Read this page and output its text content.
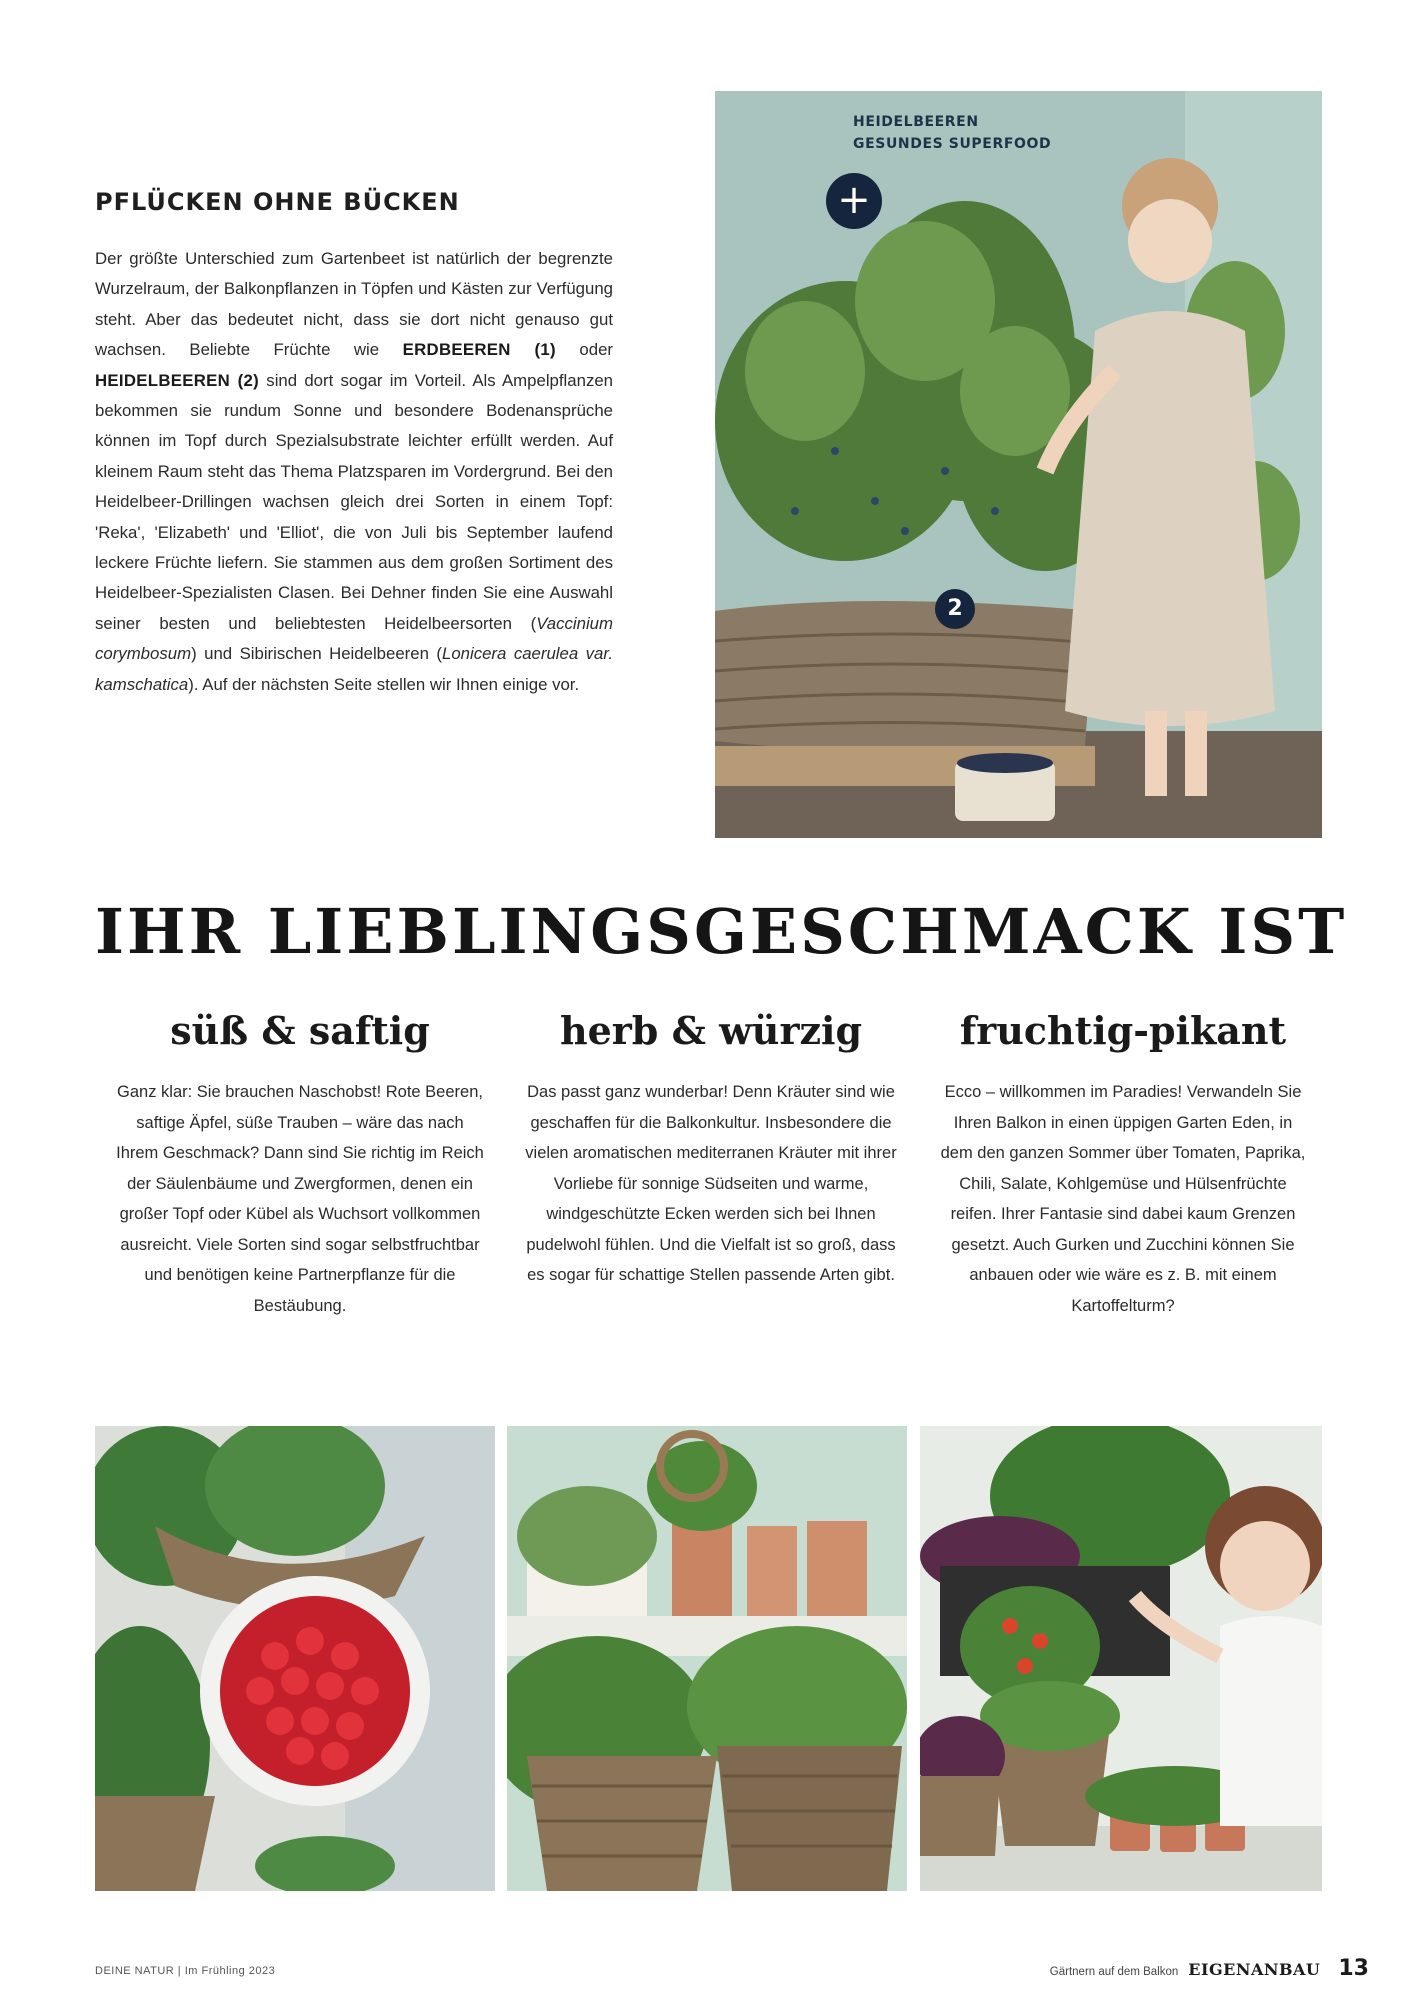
PFLÜCKEN OHNE BÜCKEN

Der größte Unterschied zum Gartenbeet ist natürlich der begrenzte Wurzelraum, der Balkonpflanzen in Töpfen und Kästen zur Verfügung steht. Aber das bedeutet nicht, dass sie dort nicht genauso gut wachsen. Beliebte Früchte wie ERDBEEREN (1) oder HEIDELBEEREN (2) sind dort sogar im Vorteil. Als Ampelpflanzen bekommen sie rundum Sonne und besondere Bodenansprüche können im Topf durch Spezialsubstrate leichter erfüllt werden. Auf kleinem Raum steht das Thema Platzsparen im Vordergrund. Bei den Heidelbeer-Drillingen wachsen gleich drei Sorten in einem Topf: 'Reka', 'Elizabeth' und 'Elliot', die von Juli bis September laufend leckere Früchte liefern. Sie stammen aus dem großen Sortiment des Heidelbeer-Spezialisten Clasen. Bei Dehner finden Sie eine Auswahl seiner besten und beliebtesten Heidelbeersorten (Vaccinium corymbosum) und Sibirischen Heidelbeeren (Lonicera caerulea var. kamschatica). Auf der nächsten Seite stellen wir Ihnen einige vor.

HEIDELBEEREN
GESUNDES SUPERFOOD
+
2
IHR LIEBLINGSGESCHMACK IST
süß & saftig

Ganz klar: Sie brauchen Naschobst! Rote Beeren, saftige Äpfel, süße Trauben – wäre das nach Ihrem Geschmack? Dann sind Sie richtig im Reich der Säulenbäume und Zwergformen, denen ein großer Topf oder Kübel als Wuchsort vollkommen ausreicht. Viele Sorten sind sogar selbstfruchtbar und benötigen keine Partnerpflanze für die Bestäubung.

herb & würzig

Das passt ganz wunderbar! Denn Kräuter sind wie geschaffen für die Balkonkultur. Insbesondere die vielen aromatischen mediterranen Kräuter mit ihrer Vorliebe für sonnige Südseiten und warme, windgeschützte Ecken werden sich bei Ihnen pudelwohl fühlen. Und die Vielfalt ist so groß, dass es sogar für schattige Stellen passende Arten gibt.

fruchtig-pikant

Ecco – willkommen im Paradies! Verwandeln Sie Ihren Balkon in einen üppigen Garten Eden, in dem den ganzen Sommer über Tomaten, Paprika, Chili, Salate, Kohlgemüse und Hülsenfrüchte reifen. Ihrer Fantasie sind dabei kaum Grenzen gesetzt. Auch Gurken und Zucchini können Sie anbauen oder wie wäre es z. B. mit einem Kartoffelturm?

DEINE NATUR | Im Frühling 2023	Gärtnern auf dem Balkon EIGENANBAU 13
